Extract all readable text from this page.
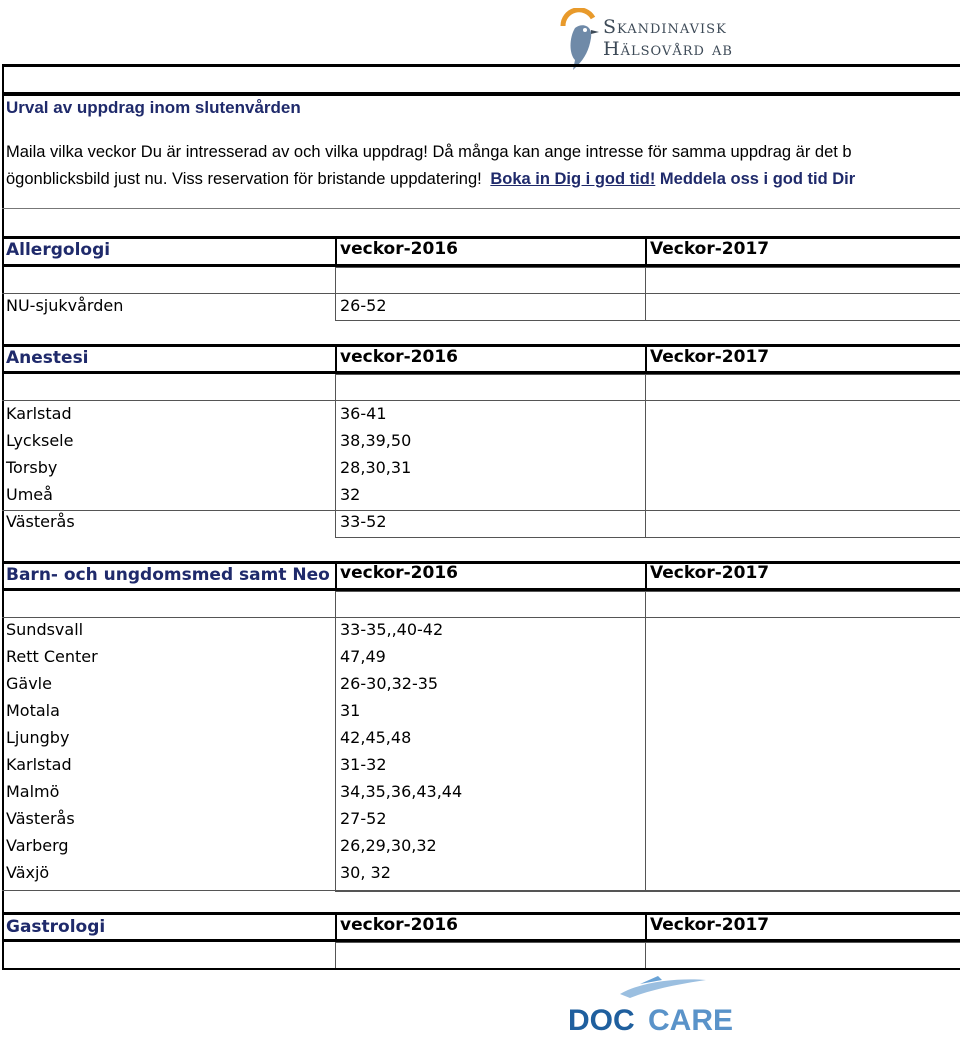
Skandinavisk
Hälsovård ab
Urval av uppdrag inom slutenvården
Maila vilka veckor Du är intresserad av och vilka uppdrag! Då många kan ange intresse för samma uppdrag är det b
ögonblicksbild just nu. Viss reservation för bristande uppdatering! Boka in Dig i god tid! Meddela oss i god tid Dir
Allergologi	veckor-2016	Veckor-2017
NU-sjukvården	26-52
Anestesi	veckor-2016	Veckor-2017
Karlstad	36-41
Lycksele	38,39,50
Torsby	28,30,31
Umeå	32
Västerås	33-52
Barn- och ungdomsmed samt Neo veckor-2016	Veckor-2017
Sundsvall	33-35,,40-42
Rett Center	47,49
Gävle	26-30,32-35
Motala	31
Ljungby	42,45,48
Karlstad	31-32
Malmö	34,35,36,43,44
Västerås	27-52
Varberg	26,29,30,32
Växjö	30, 32
Gastrologi	veckor-2016	Veckor-2017
DOC CARE
